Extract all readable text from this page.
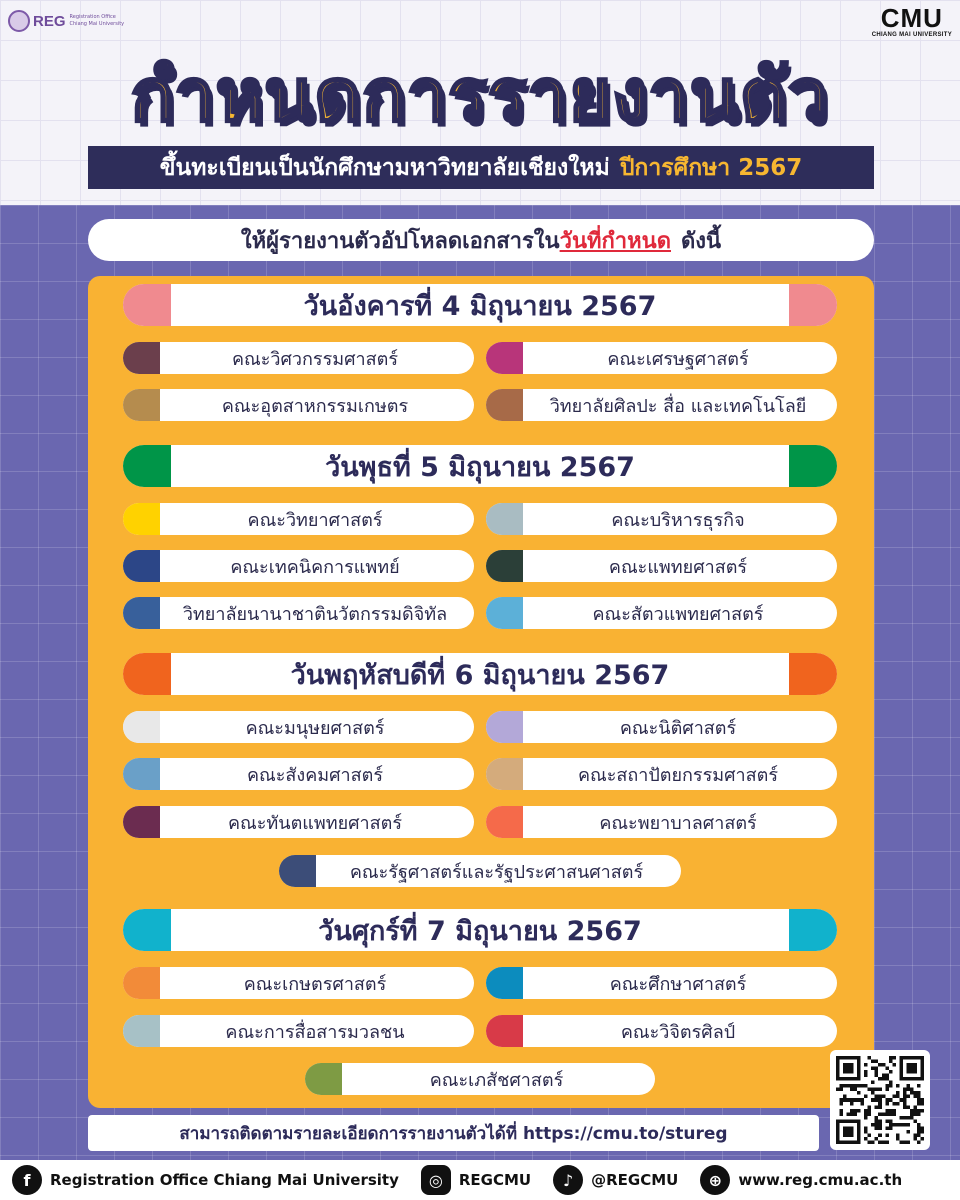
REG Registration Office
Chiang Mai University	CMU
CHIANG MAI UNIVERSITY
กำหนดการรายงานตัว
ขึ้นทะเบียนเป็นนักศึกษามหาวิทยาลัยเชียงใหม่ ปีการศึกษา 2567
ให้ผู้รายงานตัวอัปโหลดเอกสารใน วันที่กำหนด ดังนี้
วันอังคารที่ 4 มิถุนายน 2567
คณะวิศวกรรมศาสตร์	คณะเศรษฐศาสตร์
คณะอุตสาหกรรมเกษตร	วิทยาลัยศิลปะ สื่อ และเทคโนโลยี
วันพุธที่ 5 มิถุนายน 2567
คณะวิทยาศาสตร์	คณะบริหารธุรกิจ
คณะเทคนิคการแพทย์	คณะแพทยศาสตร์
วิทยาลัยนานาชาตินวัตกรรมดิจิทัล	คณะสัตวแพทยศาสตร์
วันพฤหัสบดีที่ 6 มิถุนายน 2567
คณะมนุษยศาสตร์	คณะนิติศาสตร์
คณะสังคมศาสตร์	คณะสถาปัตยกรรมศาสตร์
คณะทันตแพทยศาสตร์	คณะพยาบาลศาสตร์
คณะรัฐศาสตร์และรัฐประศาสนศาสตร์
วันศุกร์ที่ 7 มิถุนายน 2567
คณะเกษตรศาสตร์	คณะศึกษาศาสตร์
คณะการสื่อสารมวลชน	คณะวิจิตรศิลป์
คณะเภสัชศาสตร์
สามารถติดตามรายละเอียดการรายงานตัวได้ที่ https://cmu.to/stureg
f	Registration Office Chiang Mai University	◎	REGCMU	♪	@REGCMU	⊕	www.reg.cmu.ac.th
